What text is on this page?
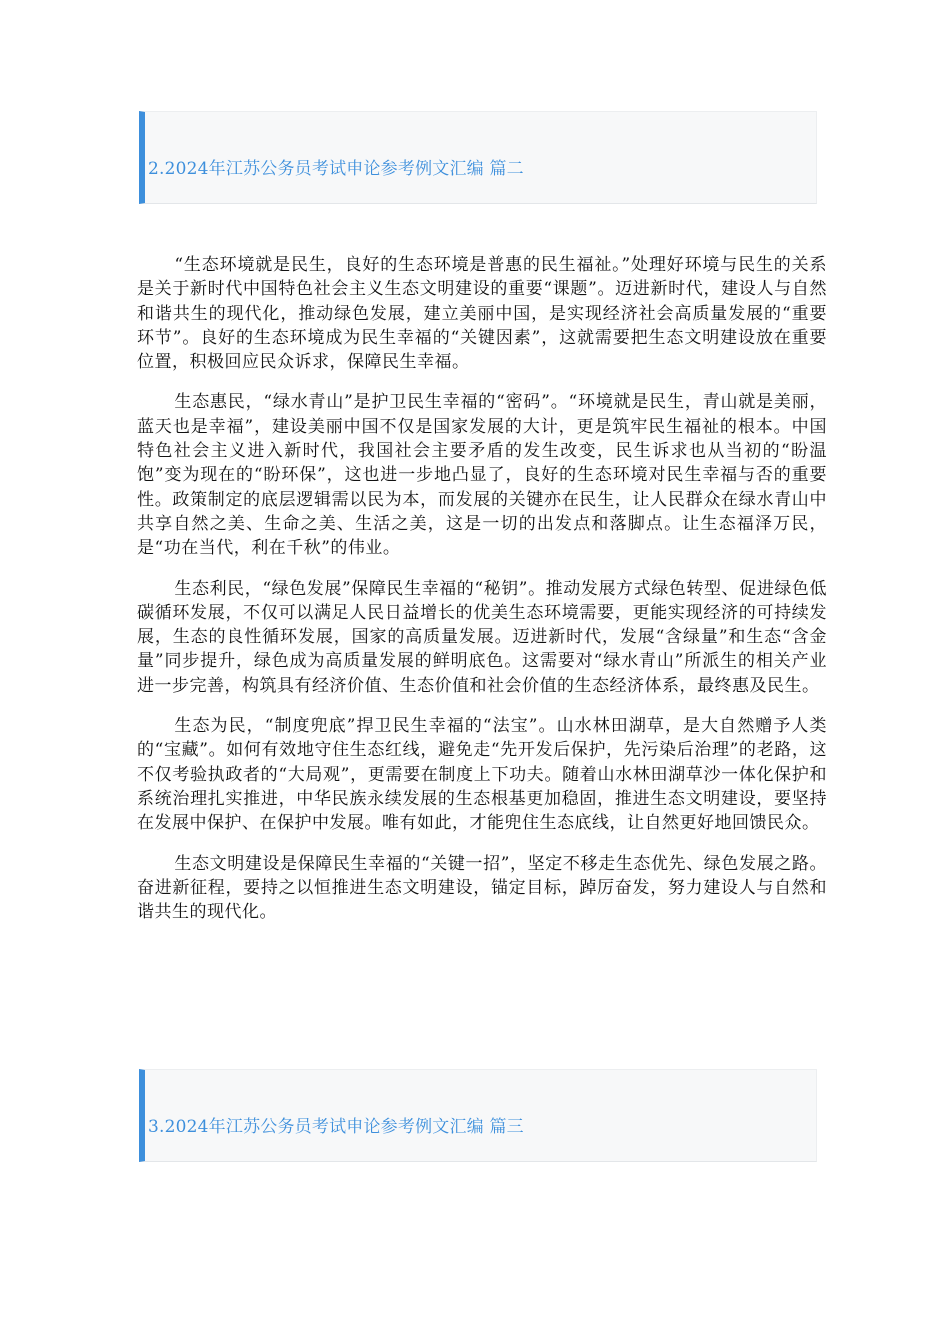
2.2024年江苏公务员考试申论参考例文汇编 篇二

“生态环境就是民生，良好的生态环境是普惠的民生福祉。”处理好环境与民生的关系是关于新时代中国特色社会主义生态文明建设的重要“课题”。迈进新时代，建设人与自然和谐共生的现代化，推动绿色发展，建立美丽中国，是实现经济社会高质量发展的“重要环节”。良好的生态环境成为民生幸福的“关键因素”，这就需要把生态文明建设放在重要位置，积极回应民众诉求，保障民生幸福。

生态惠民，“绿水青山”是护卫民生幸福的“密码”。“环境就是民生，青山就是美丽，蓝天也是幸福”，建设美丽中国不仅是国家发展的大计，更是筑牢民生福祉的根本。中国特色社会主义进入新时代，我国社会主要矛盾的发生改变，民生诉求也从当初的“盼温饱”变为现在的“盼环保”，这也进一步地凸显了，良好的生态环境对民生幸福与否的重要性。政策制定的底层逻辑需以民为本，而发展的关键亦在民生，让人民群众在绿水青山中共享自然之美、生命之美、生活之美，这是一切的出发点和落脚点。让生态福泽万民，是“功在当代，利在千秋”的伟业。

生态利民，“绿色发展”保障民生幸福的“秘钥”。推动发展方式绿色转型、促进绿色低碳循环发展，不仅可以满足人民日益增长的优美生态环境需要，更能实现经济的可持续发展，生态的良性循环发展，国家的高质量发展。迈进新时代，发展“含绿量”和生态“含金量”同步提升，绿色成为高质量发展的鲜明底色。这需要对“绿水青山”所派生的相关产业进一步完善，构筑具有经济价值、生态价值和社会价值的生态经济体系，最终惠及民生。

生态为民，“制度兜底”捍卫民生幸福的“法宝”。山水林田湖草，是大自然赠予人类的“宝藏”。如何有效地守住生态红线，避免走“先开发后保护，先污染后治理”的老路，这不仅考验执政者的“大局观”，更需要在制度上下功夫。随着山水林田湖草沙一体化保护和系统治理扎实推进，中华民族永续发展的生态根基更加稳固，推进生态文明建设，要坚持在发展中保护、在保护中发展。唯有如此，才能兜住生态底线，让自然更好地回馈民众。

生态文明建设是保障民生幸福的“关键一招”，坚定不移走生态优先、绿色发展之路。奋进新征程，要持之以恒推进生态文明建设，锚定目标，踔厉奋发，努力建设人与自然和谐共生的现代化。

3.2024年江苏公务员考试申论参考例文汇编 篇三
